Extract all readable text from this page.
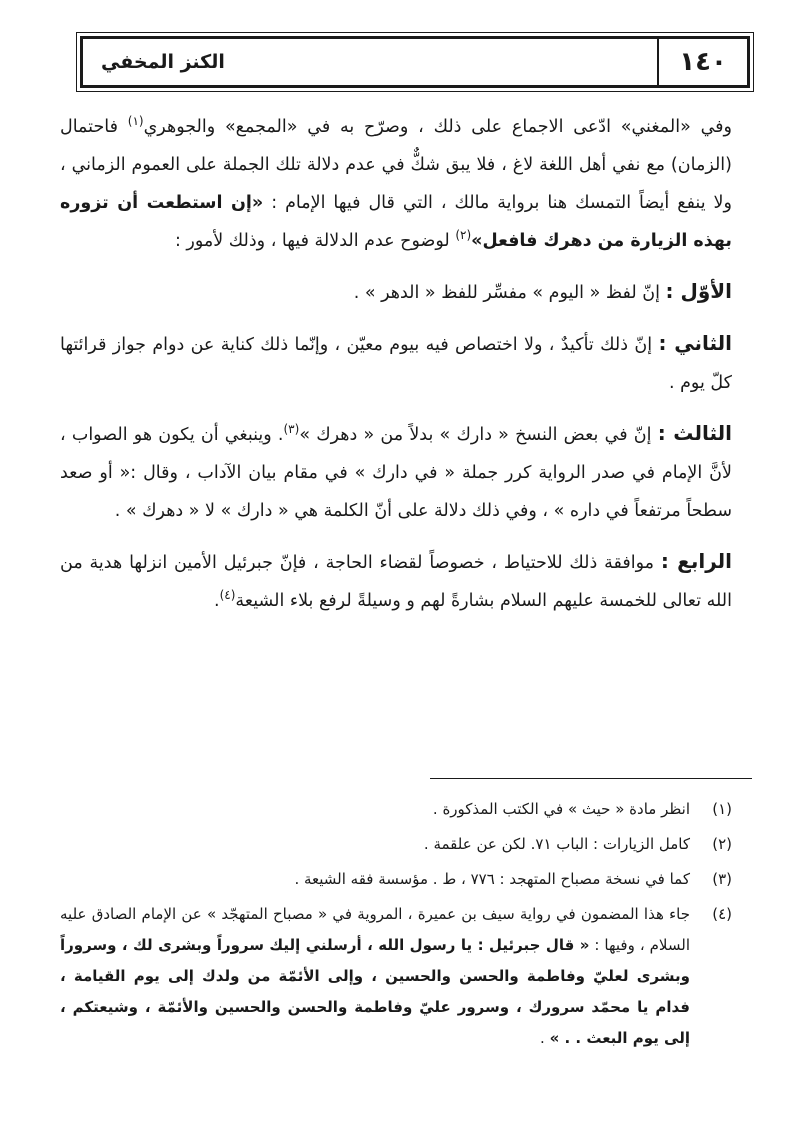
١٤٠
الكنز المخفي

وفي «المغني» ادّعى الاجماع على ذلك ، وصرّح به في «المجمع» والجوهري$^{(١)}$ فاحتمال (الزمان) مع نفي أهل اللغة لاغ ، فلا يبق شكٌّ في عدم دلالة تلك الجملة على العموم الزماني ، ولا ينفع أيضاً التمسك هنا برواية مالك ، التي قال فيها الإمام : «إن استطعت أن تزوره بهذه الزيارة من دهرك فافعل»$^{(٢)}$ لوضوح عدم الدلالة فيها ، وذلك لأمور :

الأوّل : إنّ لفظ « اليوم » مفسِّر للفظ « الدهر » .

الثاني : إنّ ذلك تأكيدٌ ، ولا اختصاص فيه بيوم معيّن ، وإنّما ذلك كناية عن دوام جواز قرائتها كلّ يوم .

الثالث : إنّ في بعض النسخ « دارك » بدلاً من « دهرك »$^{(٣)}$. وينبغي أن يكون هو الصواب ، لأنَّ الإمام في صدر الرواية كرر جملة « في دارك » في مقام بيان الآداب ، وقال :« أو صعد سطحاً مرتفعاً في داره » ، وفي ذلك دلالة على أنّ الكلمة هي « دارك » لا « دهرك » .

الرابع : موافقة ذلك للاحتياط ، خصوصاً لقضاء الحاجة ، فإنّ جبرئيل الأمين انزلها هدية من الله تعالى للخمسة عليهم السلام بشارةً لهم و وسيلةً لرفع بلاء الشيعة$^{(٤)}$.

(١)
انظر مادة « حيث » في الكتب المذكورة .
(٢)
كامل الزيارات : الباب ٧١. لكن عن علقمة .
(٣)
كما في نسخة مصباح المتهجد : ٧٧٦ ، ط . مؤسسة فقه الشيعة .
(٤)
جاء هذا المضمون في رواية سيف بن عميرة ، المروية في « مصباح المتهجّد » عن الإمام الصادق عليه السلام ، وفيها : « قال جبرئيل : يا رسول الله ، أرسلني إليك سروراً وبشرى لك ، وسروراً وبشرى لعليّ وفاطمة والحسن والحسين ، وإلى الأئمّة من ولدك إلى يوم القيامة ، فدام يا محمّد سرورك ، وسرور عليّ وفاطمة والحسن والحسين والأئمّة ، وشيعتكم ، إلى يوم البعث . . » .
